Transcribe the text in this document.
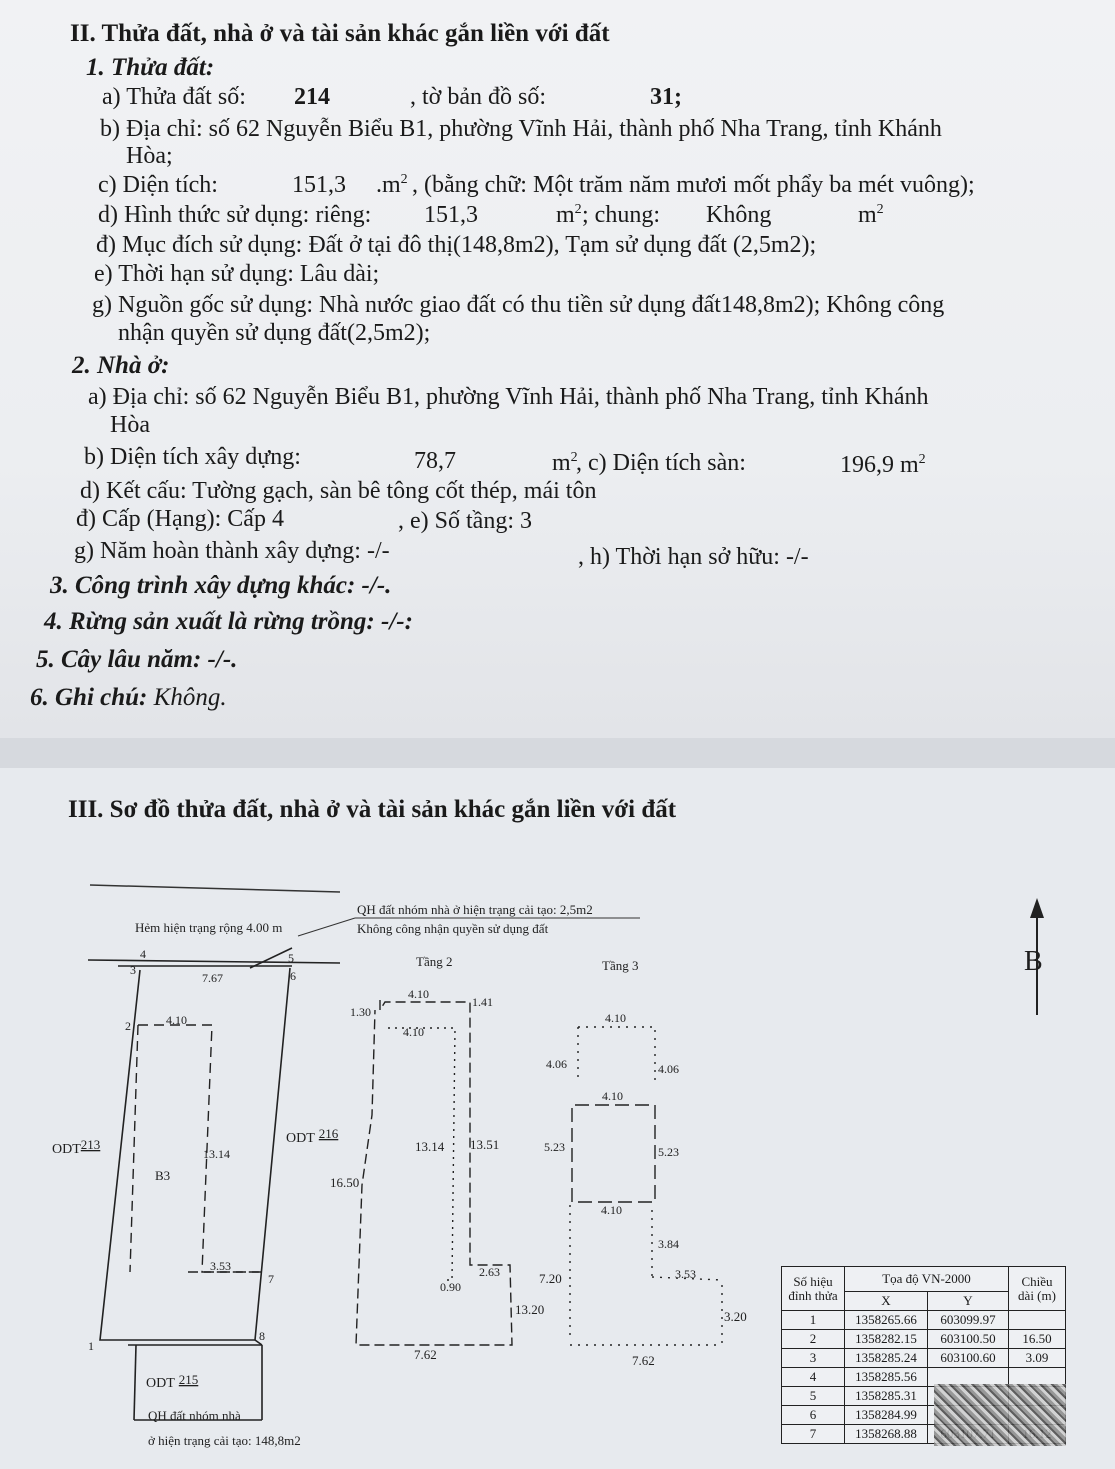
II. Thửa đất, nhà ở và tài sản khác gắn liền với đất
1. Thửa đất:
a) Thửa đất số: 214	, tờ bản đồ số:	31;
b) Địa chỉ: số 62 Nguyễn Biểu B1, phường Vĩnh Hải, thành phố Nha Trang, tỉnh Khánh
Hòa;
c) Diện tích:	151,3 $.m^2$ , (bằng chữ: Một trăm năm mươi mốt phẩy ba mét vuông);
d) Hình thức sử dụng: riêng: 151,3	$m^2$ ; chung: Không	$m^2$
đ) Mục đích sử dụng: Đất ở tại đô thị(148,8m2), Tạm sử dụng đất (2,5m2);
e) Thời hạn sử dụng: Lâu dài;
g) Nguồn gốc sử dụng: Nhà nước giao đất có thu tiền sử dụng đất148,8m2); Không công
nhận quyền sử dụng đất(2,5m2);
2. Nhà ở:
a) Địa chỉ: số 62 Nguyễn Biểu B1, phường Vĩnh Hải, thành phố Nha Trang, tỉnh Khánh
Hòa
b) Diện tích xây dựng:	78,7	$m^2$
, c) Diện tích sàn:	196,9 $m^2$
d) Kết cấu: Tường gạch, sàn bê tông cốt thép, mái tôn
đ) Cấp (Hạng): Cấp 4	, e) Số tầng: 3
g) Năm hoàn thành xây dựng: -/-	, h) Thời hạn sở hữu: -/-
3. Công trình xây dựng khác: -/-.
4. Rừng sản xuất là rừng trồng: -/-:
5. Cây lâu năm: -/-.
6. Ghi chú: Không.
III. Sơ đồ thửa đất, nhà ở và tài sản khác gắn liền với đất
B
Hẻm hiện trạng rộng 4.00 m
QH đất nhóm nhà ở hiện trạng cải tạo: 2,5m2
Không công nhận quyền sử dụng đất
Tầng 2	Tầng 3
4
3
5
6
2
7
1
8
7.67
4.10
13.14
3.53
ODT213
B3
ODT 216
ODT 215
QH đất nhóm nhà
ở hiện trạng cải tạo: 148,8m2
1.30
4.10
1.41
4.10
13.14 13.51
16.50
0.90
2.63
13.20
7.62
4.10
4.06	4.06
4.10
5.23	5.23
4.10
3.84
7.20	3.53
3.20
7.62
Số hiệu đỉnh thửa	Tọa độ VN-2000		Chiều dài (m)
	X	Y	
1	1358265.66	603099.97	
2	1358282.15	603100.50	16.50
3	1358285.24	603100.60	3.09
4	1358285.56		
5	1358285.31		
6	1358284.99		
7	1358268.88		
